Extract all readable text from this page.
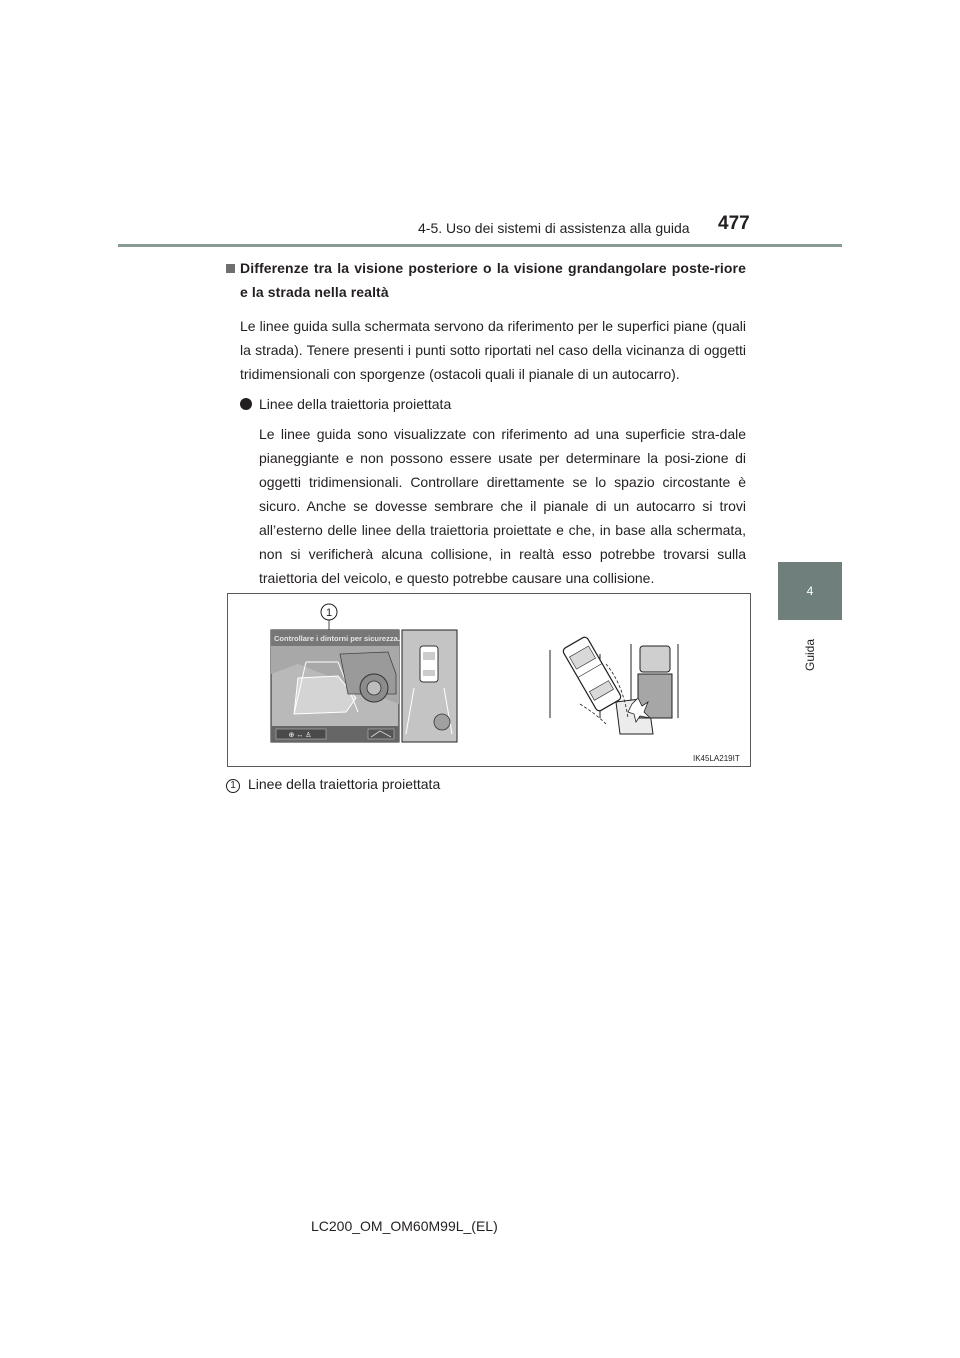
4-5. Uso dei sistemi di assistenza alla guida 477
4
Guida

Differenze tra la visione posteriore o la visione grandangolare poste-riore e la strada nella realtà

Le linee guida sulla schermata servono da riferimento per le superfici piane (quali la strada). Tenere presenti i punti sotto riportati nel caso della vicinanza di oggetti tridimensionali con sporgenze (ostacoli quali il pianale di un autocarro).

Linee della traiettoria proiettata

Le linee guida sono visualizzate con riferimento ad una superficie stra-dale pianeggiante e non possono essere usate per determinare la posi-zione di oggetti tridimensionali. Controllare direttamente se lo spazio circostante è sicuro. Anche se dovesse sembrare che il pianale di un autocarro si trovi all’esterno delle linee della traiettoria proiettate e che, in base alla schermata, non si verificherà alcuna collisione, in realtà esso potrebbe trovarsi sulla traiettoria del veicolo, e questo potrebbe causare una collisione.

1
Controllare i dintorni per sicurezza.
⊕ ↔ ♙
IK45LA219IT
1 Linee della traiettoria proiettata
LC200_OM_OM60M99L_(EL)
